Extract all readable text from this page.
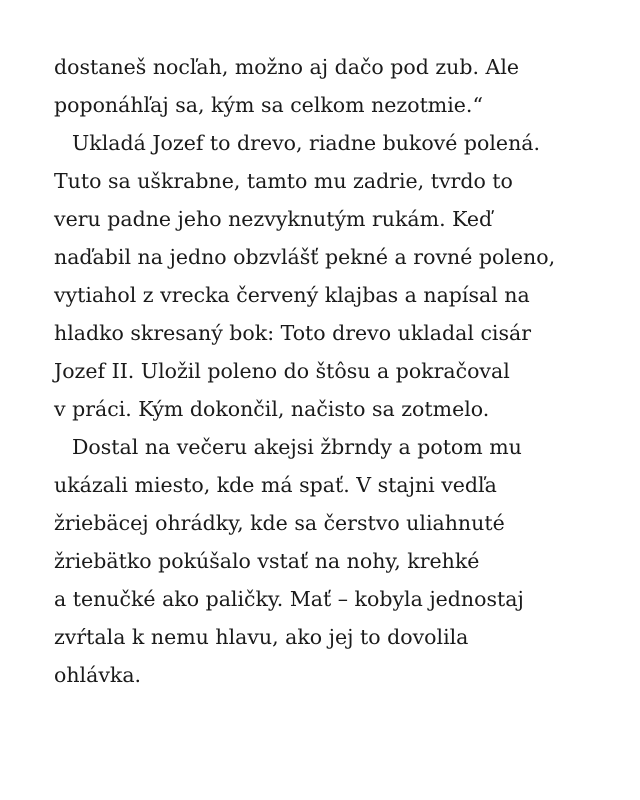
dostaneš nocľah, možno aj dačo pod zub. Ale
poponáhľaj sa, kým sa celkom nezotmie.“
Ukladá Jozef to drevo, riadne bukové polená.
Tuto sa uškrabne, tamto mu zadrie, tvrdo to
veru padne jeho nezvyknutým rukám. Keď
naďabil na jedno obzvlášť pekné a rovné poleno,
vytiahol z vrecka červený klajbas a napísal na
hladko skresaný bok: Toto drevo ukladal cisár
Jozef II. Uložil poleno do štôsu a pokračoval
v práci. Kým dokončil, načisto sa zotmelo.
Dostal na večeru akejsi žbrndy a potom mu
ukázali miesto, kde má spať. V stajni vedľa
žriebäcej ohrádky, kde sa čerstvo uliahnuté
žriebätko pokúšalo vstať na nohy, krehké
a tenučké ako paličky. Mať – kobyla jednostaj
zvŕtala k nemu hlavu, ako jej to dovolila
ohlávka.
